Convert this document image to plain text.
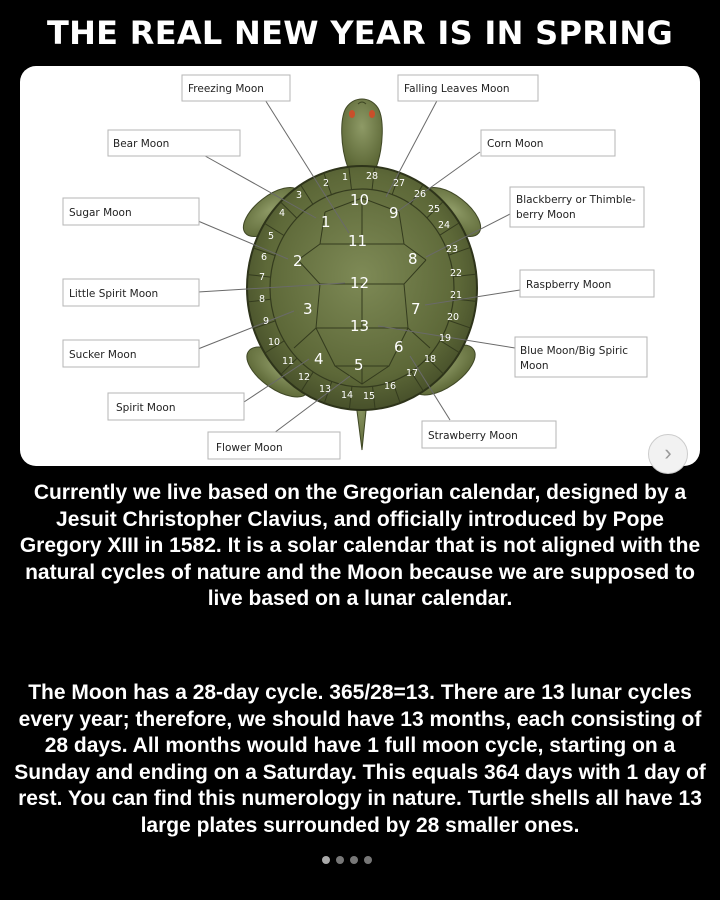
THE REAL NEW YEAR IS IN SPRING
Freezing Moon	Falling Leaves Moon
Bear Moon	Corn Moon
Sugar Moon
Blackberry or Thimble-
berry Moon
Little Spirit Moon
Raspberry Moon
Sucker Moon	Blue Moon/Big Spiric
Moon
Spirit Moon
Strawberry Moon
Flower Moon
1
2
3
4 5
6
7
8
9
10
11
12
13
1
2
3
4
5
6
7
8
9
10
11
12
13
14 15
16
17
18
19
20
21
22
23
24
25
26
27
28
›

Currently we live based on the Gregorian calendar, designed by a Jesuit Christopher Clavius, and officially introduced by Pope Gregory XIII in 1582. It is a solar calendar that is not aligned with the natural cycles of nature and the Moon because we are supposed to live based on a lunar calendar.

The Moon has a 28-day cycle. 365/28=13. There are 13 lunar cycles every year; therefore, we should have 13 months, each consisting of 28 days. All months would have 1 full moon cycle, starting on a Sunday and ending on a Saturday. This equals 364 days with 1 day of rest. You can find this numerology in nature. Turtle shells all have 13 large plates surrounded by 28 smaller ones.
